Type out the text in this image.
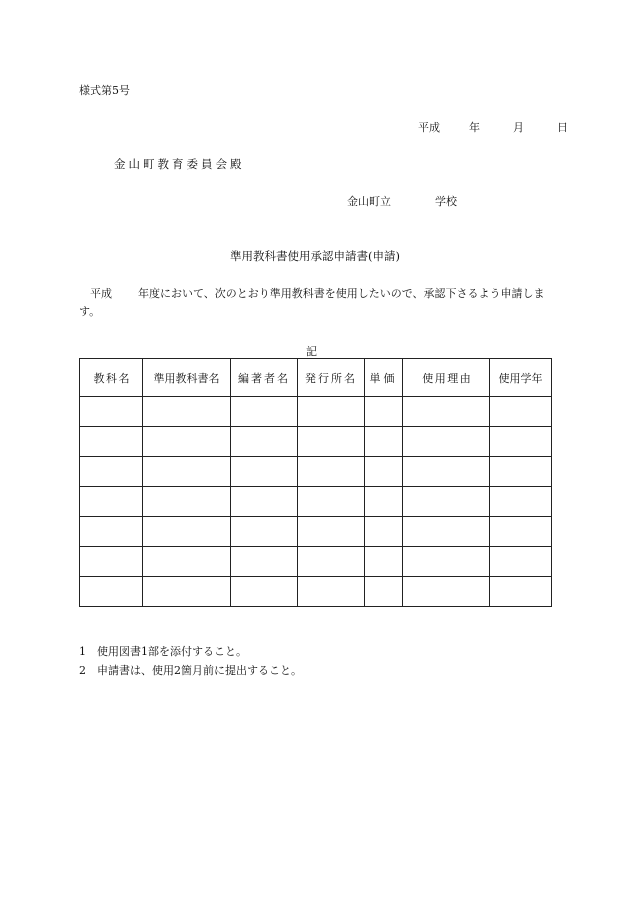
様式第5号
平成	年	月	日
金山町教育委員会殿
金山町立	学校
準用教科書使用承認申請書(申請)
平成 年度において、次のとおり準用教科書を使用したいので、承認下さるよう申請します。
記
教 科 名	準用教科書名	編著者名	発行所名	単価	使 用 理 由	使用学年

1 使用図書1部を添付すること。
2 申請書は、使用2箇月前に提出すること。
